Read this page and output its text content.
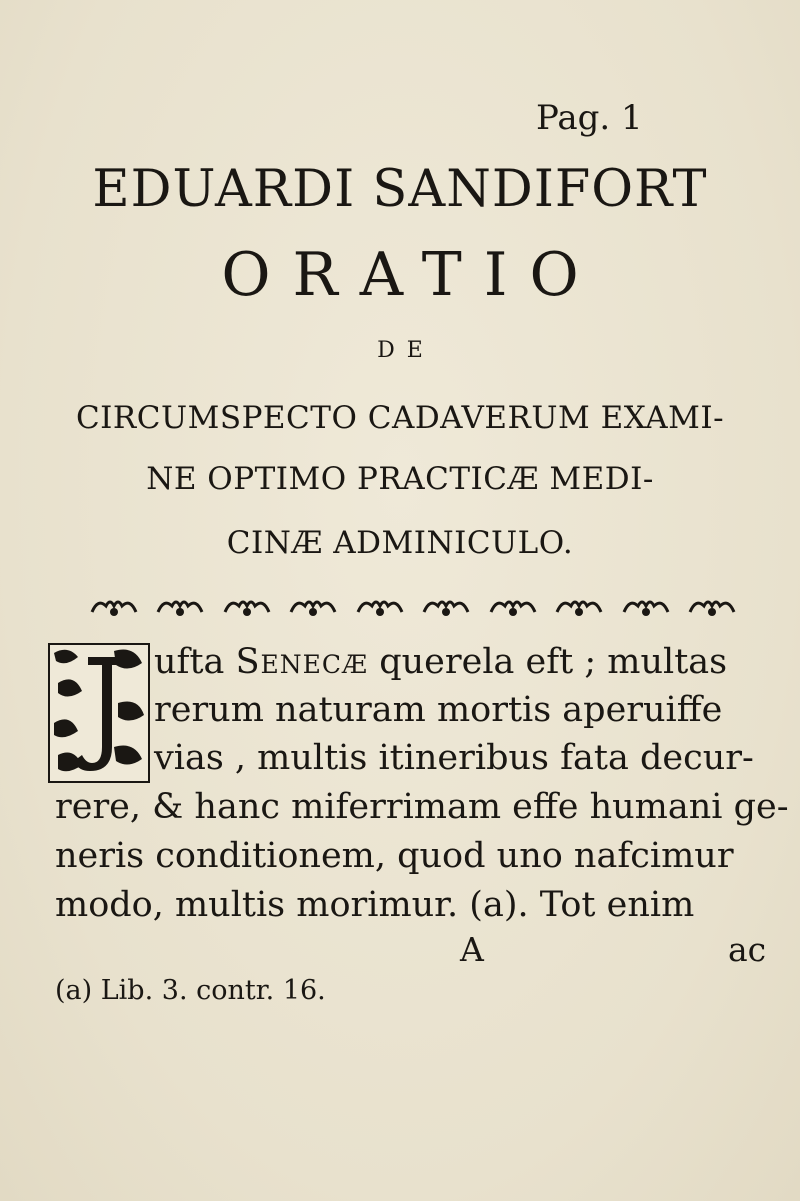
Pag. 1
EDUARDI SANDIFORT
ORATIO
DE
CIRCUMSPECTO CADAVERUM EXAMI-
NE OPTIMO PRACTICÆ MEDI-
CINÆ ADMINICULO.
ufta Senecæ querela eft ; multas
rerum naturam mortis aperuiffe
vias , multis itineribus fata decur-
rere, & hanc miferrimam effe humani ge-
neris conditionem, quod uno nafcimur
modo, multis morimur. (a). Tot enim
A	ac
(a) Lib. 3. contr. 16.
